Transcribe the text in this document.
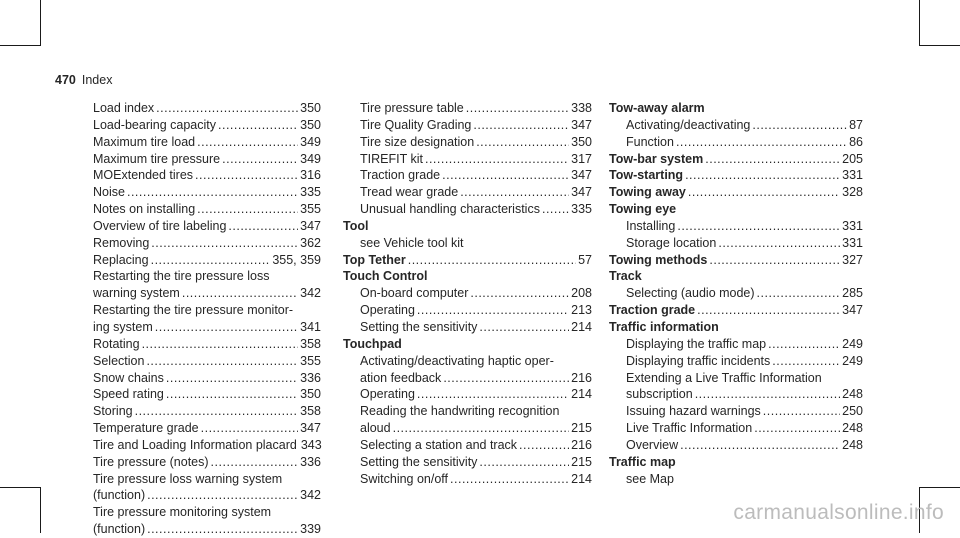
470 Index
Load index .....	350
Load-bearing capacity .....	350
Maximum tire load .....	349
Maximum tire pressure .....	349
MOExtended tires .....	316
Noise .....	335
Notes on installing .....	355
Overview of tire labeling .....	347
Removing .....	362
Replacing .....	355, 359
Restarting the tire pressure loss
warning system .....	342
Restarting the tire pressure monitor-
ing system .....	341
Rotating .....	358
Selection .....	355
Snow chains .....	336
Speed rating .....	350
Storing .....	358
Temperature grade .....	347
Tire and Loading Information placard 343
Tire pressure (notes) .....	336
Tire pressure loss warning system
(function) .....	342
Tire pressure monitoring system
(function) .....	339
Tire pressure table .....	338
Tire Quality Grading .....	347
Tire size designation .....	350
TIREFIT kit .....	317
Traction grade .....	347
Tread wear grade .....	347
Unusual handling characteristics ..... 335
Tool
see Vehicle tool kit
Top Tether .....	57
Touch Control
On-board computer .....	208
Operating .....	213
Setting the sensitivity .....	214
Touchpad
Activating/deactivating haptic oper-
ation feedback .....	216
Operating .....	214
Reading the handwriting recognition
aloud .....	215
Selecting a station and track .....	216
Setting the sensitivity .....	215
Switching on/off .....	214
Tow-away alarm
Activating/deactivating .....	87
Function .....	86
Tow-bar system .....	205
Tow-starting .....	331
Towing away .....	328
Towing eye
Installing .....	331
Storage location .....	331
Towing methods .....	327
Track
Selecting (audio mode) .....	285
Traction grade .....	347
Traffic information
Displaying the traffic map .....	249
Displaying traffic incidents .....	249
Extending a Live Traffic Information
subscription .....	248
Issuing hazard warnings .....	250
Live Traffic Information .....	248
Overview .....	248
Traffic map
see Map
carmanualsonline.info
